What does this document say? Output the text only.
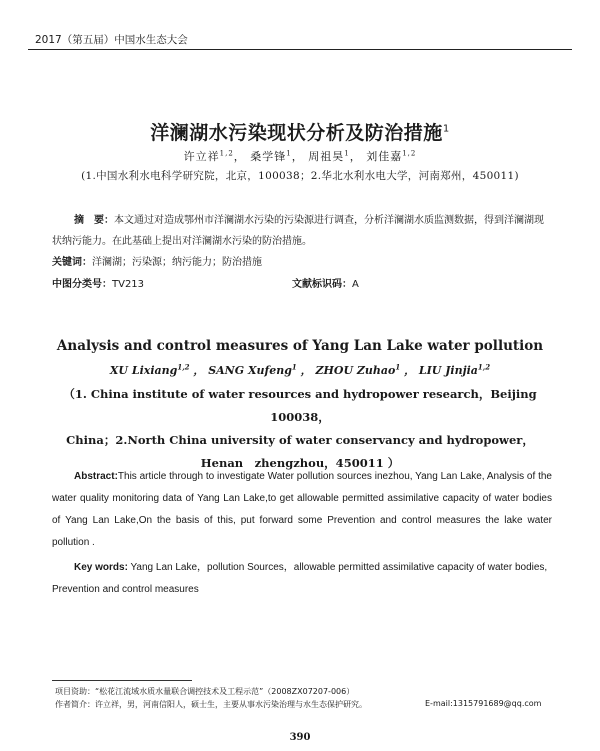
2017（第五届）中国水生态大会
洋澜湖水污染现状分析及防治措施$^1$
许立祥$^{1,2}$， 桑学锋$^1$， 周祖昊$^1$， 刘佳嘉$^{1,2}$
(1.中国水利水电科学研究院，北京，100038；2.华北水利水电大学，河南郑州，450011)
摘　要：本文通过对造成鄂州市洋澜湖水污染的污染源进行调查，分析洋澜湖水质监测数据，得到洋澜湖现状纳污能力。在此基础上提出对洋澜湖水污染的防治措施。
关键词：洋澜湖；污染源；纳污能力；防治措施
中图分类号：TV213	文献标识码：A
Analysis and control measures of Yang Lan Lake water pollution
XU Lixiang$^{1,2}$ ， SANG Xufeng$^1$ ， ZHOU Zuhao$^1$ ， LIU Jinjia$^{1,2}$
（1. China institute of water resources and hydropower research，Beijing 100038，
China；2.North China university of water conservancy and hydropower，
Henan　zhengzhou，450011 ）
Abstract:This article through to investigate Water pollution sources inezhou, Yang Lan Lake, Analysis of the water quality monitoring data of Yang Lan Lake,to get allowable permitted assimilative capacity of water bodies of Yang Lan Lake,On the basis of this, put forward some Prevention and control measures the lake water pollution .
Key words: Yang Lan Lake，pollution Sources，allowable permitted assimilative capacity of water bodies, Prevention and control measures
项目资助：“松花江流域水质水量联合调控技术及工程示范”（2008ZX07207-006）
作者简介：许立祥，男，河南信阳人，硕士生，主要从事水污染治理与水生态保护研究。	E-mail:1315791689@qq.com
390
